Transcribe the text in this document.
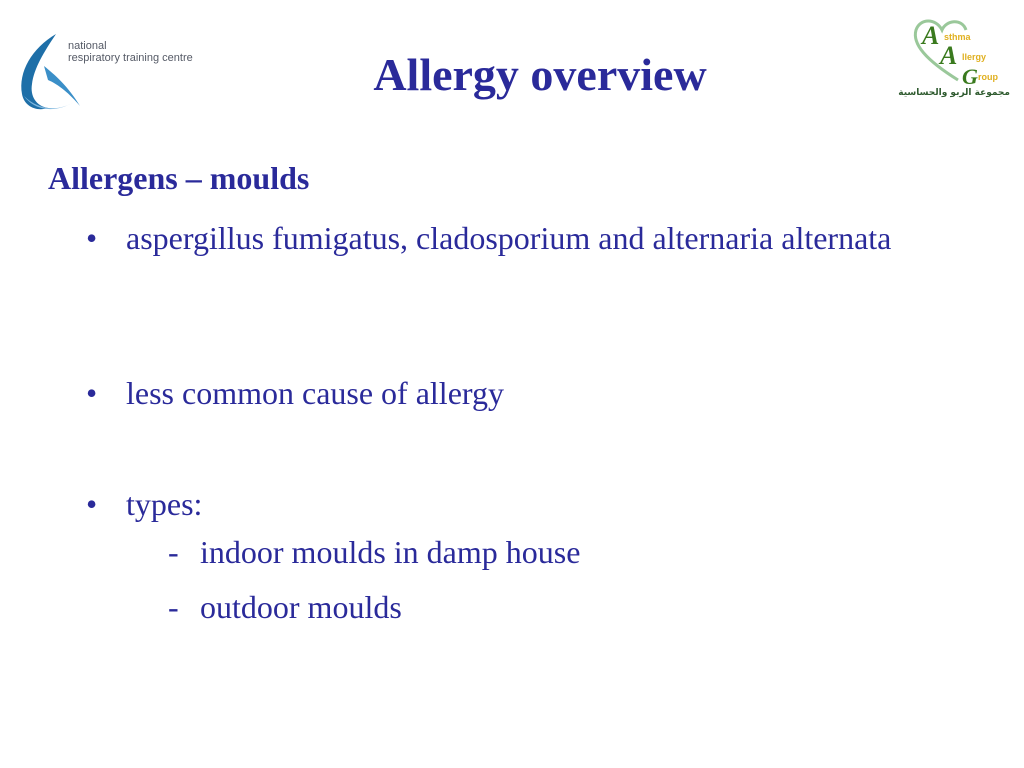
national
respiratory training centre
A
A
G
sthma
llergy
roup
مجموعة الربو والحساسية
Allergy overview
Allergens – moulds
• aspergillus fumigatus, cladosporium and alternaria alternata
• less common cause of allergy
• types:
- indoor moulds in damp house
- outdoor moulds
